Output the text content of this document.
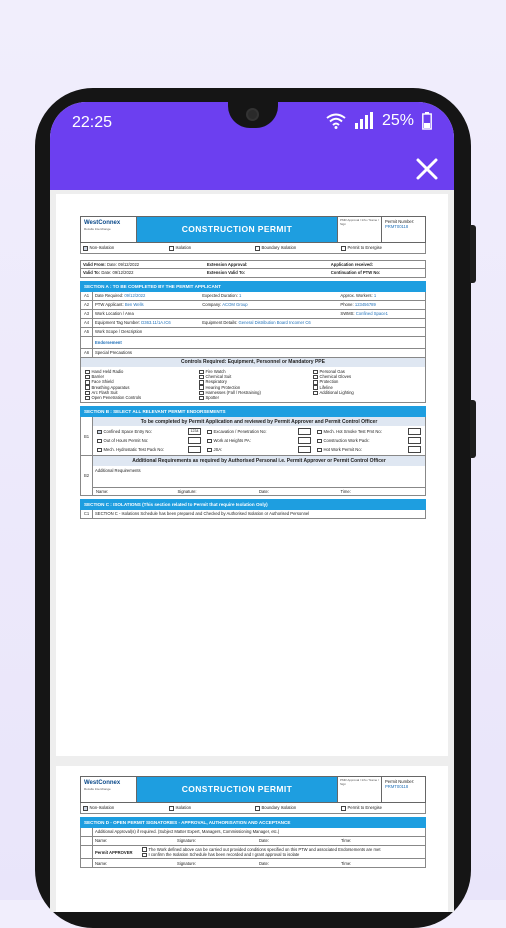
22:25	25%
WestConnex
Rozelle Interchange	CONSTRUCTION PERMIT
PMR Approval / Info / Name / Sign	Permit Number:
PRMT00118
Non-Isolation	Isolation	Boundary Isolation	Permit to Energise
Valid From: Date: 09/12/2022	Extension Approval:	Application received:
Valid To: Date: 09/12/2022	Extension Valid To:	Continuation of PTW No:
SECTION A : TO BE COMPLETED BY THE PERMIT APPLICANT
A1	Date Required: 09/12/2022	Expected Duration: 1	Approx. Workers: 1
A2	PTW Applicant: Ben Wells	Company: ACOM Group	Phone: 123456789
A3	Work Location / Area	SWMS: Confined Space1
A4	Equipment Tag Number: D363.11/1A.IC6	Equipment Details: General Distribution Board Incomer C6
A5	Work Scope / Description
Endorsement
A6	Special Precautions
Controls Required: Equipment, Personnel or Mandatory PPE
Hand Held Radio	Fire Watch	Personal Gas
Barrier	Chemical Suit	Chemical Gloves
Face Shield	Respiratory	Protection
Breathing Apparatus	Hearing Protection	Lifeline
Arc Flash Suit	Harnesses (Fall / Restraining)	Additional Lighting
Open Penetration Controls	Spotter
SECTION B : SELECT ALL RELEVANT PERMIT ENDORSEMENTS
B1
To be completed by Permit Application and reviewed by Permit Approver and Permit Control Officer
Confined Space Entry No:	1234	Excavation / Penetration No:	Mech. Hot Smoke Test Pmt No:
Out of Hours Permit No:	Work at Heights PA:	Construction Work Pack:
Mech. Hydrostatic Test Pack No:	JSA:	Hot Work Permit No:
B2
Additional Requirements as required by Authorised Personal i.e. Permit Approver or Permit Control Officer
Additional Requirements
Name:	Signature:	Date:	Time:
SECTION C : ISOLATIONS (This section related to Permit that require Isolation Only)
C1	SECTION C - Isolations Schedule has been prepared and Checked by Authorised Isolation or Authorised Personnel
WestConnex
Rozelle Interchange	CONSTRUCTION PERMIT
PMR Approval / Info / Name / Sign	Permit Number:
PRMT00118
Non-Isolation	Isolation	Boundary Isolation	Permit to Energise
SECTION D - OPEN PERMIT SIGNATORIES - APPROVAL, AUTHORISATION AND ACCEPTANCE
Additional Approval(s) if required. (Subject Matter Expert, Managers, Commissioning Manager, etc.)
Name:	Signature:	Date:	Time:
Permit APPROVER
The Work defined above can be carried out provided conditions specified on this PTW and associated Endorsements are met
I confirm the Isolation Schedule has been recorded and I grant approval to isolate
Name:	Signature:	Date:	Time:
